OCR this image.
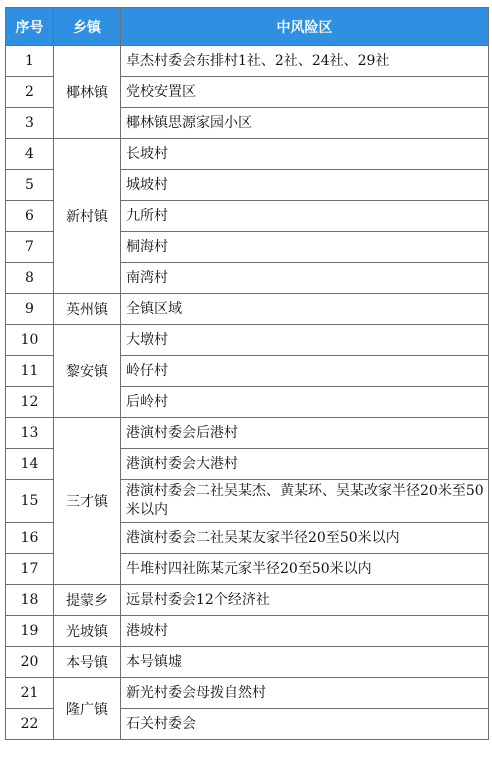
序号	乡镇	中风险区
1	椰林镇	卓杰村委会东排村1社、2社、24社、29社
2		党校安置区
3		椰林镇思源家园小区
4	新村镇	长坡村
5		城坡村
6		九所村
7		桐海村
8		南湾村
9	英州镇	全镇区域
10	黎安镇	大墩村
11		岭仔村
12		后岭村
13	三才镇	港演村委会后港村
14		港演村委会大港村
15		港演村委会二社吴某杰、黄某环、吴某改家半径20米至50米以内
16		港演村委会二社吴某友家半径20至50米以内
17		牛堆村四社陈某元家半径20至50米以内
18	提蒙乡	远景村委会12个经济社
19	光坡镇	港坡村
20	本号镇	本号镇墟
21	隆广镇	新光村委会母拨自然村
22		石关村委会
